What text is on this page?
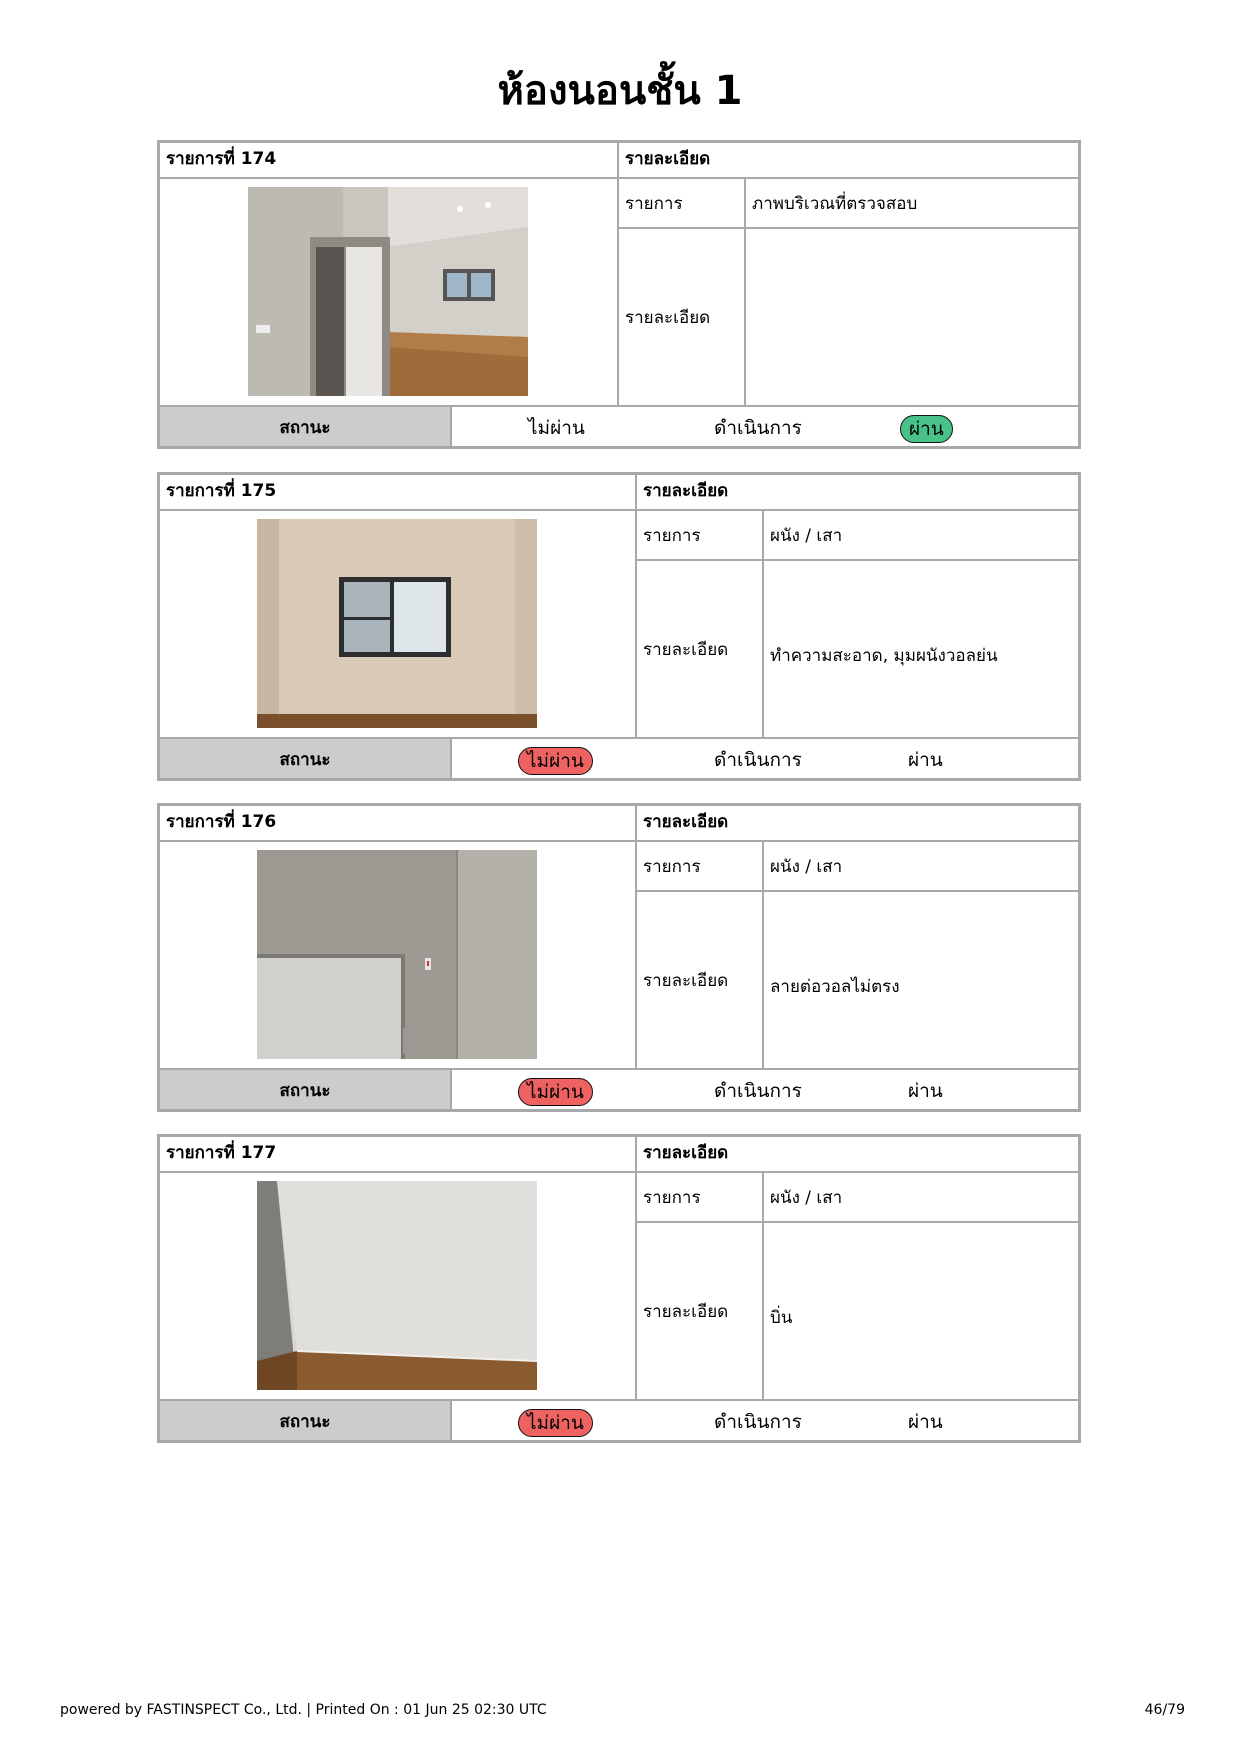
ห้องนอนชั้น 1
รายการที่ 174	รายละเอียด
รายการ	ภาพบริเวณที่ตรวจสอบ
รายละเอียด
สถานะ	ไม่ผ่าน	ดำเนินการ	ผ่าน
รายการที่ 175	รายละเอียด
รายการ	ผนัง / เสา
รายละเอียด	ทำความสะอาด, มุมผนังวอลย่น
สถานะ	ไม่ผ่าน	ดำเนินการ	ผ่าน
รายการที่ 176	รายละเอียด
รายการ	ผนัง / เสา
รายละเอียด	ลายต่อวอลไม่ตรง
สถานะ	ไม่ผ่าน	ดำเนินการ	ผ่าน
รายการที่ 177	รายละเอียด
รายการ	ผนัง / เสา
รายละเอียด	บิ่น
สถานะ	ไม่ผ่าน	ดำเนินการ	ผ่าน
powered by FASTINSPECT Co., Ltd. | Printed On : 01 Jun 25 02:30 UTC	46/79
